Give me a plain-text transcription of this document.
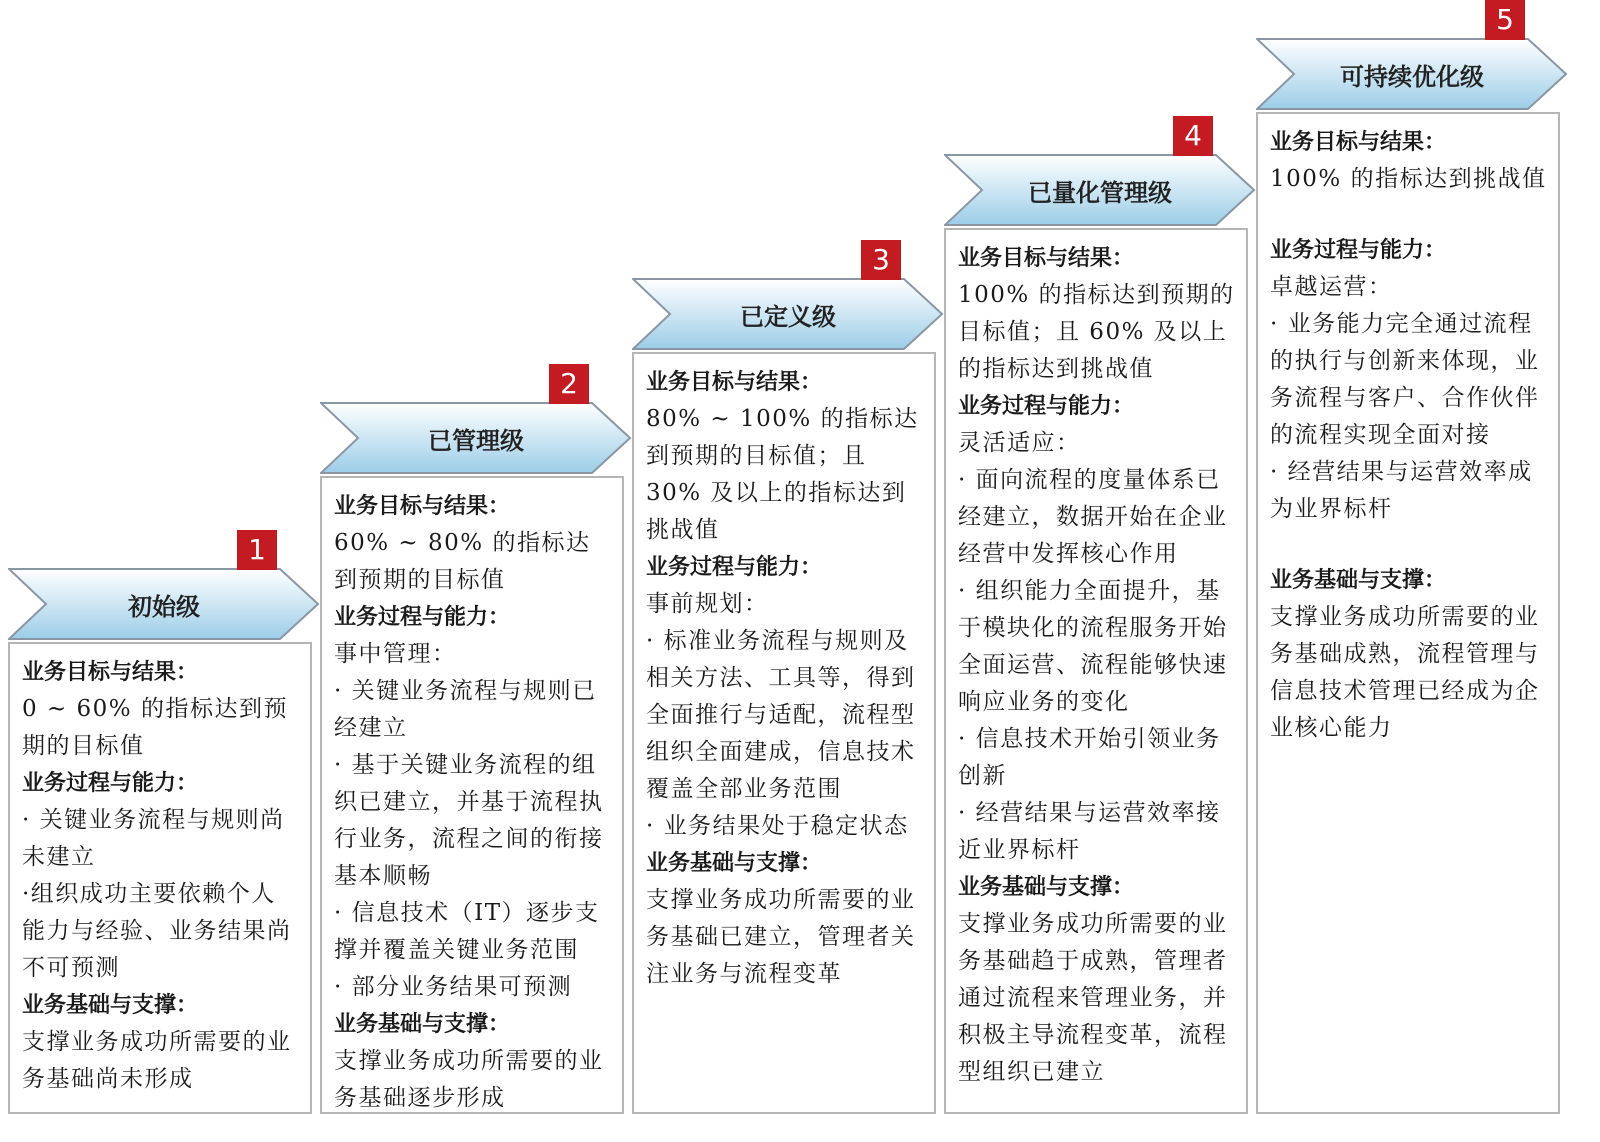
初始级
1

业务目标与结果：

0 ~ 60% 的指标达到预期的目标值

业务过程与能力：

· 关键业务流程与规则尚未建立

·组织成功主要依赖个人能力与经验、业务结果尚不可预测

业务基础与支撑：

支撑业务成功所需要的业务基础尚未形成

已管理级
2

业务目标与结果：

60% ~ 80% 的指标达到预期的目标值

业务过程与能力：

事中管理：

· 关键业务流程与规则已经建立

· 基于关键业务流程的组织已建立，并基于流程执行业务，流程之间的衔接基本顺畅

· 信息技术（IT）逐步支撑并覆盖关键业务范围

· 部分业务结果可预测

业务基础与支撑：

支撑业务成功所需要的业务基础逐步形成

已定义级
3

业务目标与结果：

80% ~ 100% 的指标达到预期的目标值；且 30% 及以上的指标达到挑战值

业务过程与能力：

事前规划：

· 标准业务流程与规则及相关方法、工具等，得到全面推行与适配，流程型组织全面建成，信息技术覆盖全部业务范围

· 业务结果处于稳定状态

业务基础与支撑：

支撑业务成功所需要的业务基础已建立，管理者关注业务与流程变革

已量化管理级
4

业务目标与结果：

100% 的指标达到预期的目标值；且 60% 及以上的指标达到挑战值

业务过程与能力：

灵活适应：

· 面向流程的度量体系已经建立，数据开始在企业经营中发挥核心作用

· 组织能力全面提升，基于模块化的流程服务开始全面运营、流程能够快速响应业务的变化

· 信息技术开始引领业务创新

· 经营结果与运营效率接近业界标杆

业务基础与支撑：

支撑业务成功所需要的业务基础趋于成熟，管理者通过流程来管理业务，并积极主导流程变革，流程型组织已建立

可持续优化级
5

业务目标与结果：

100% 的指标达到挑战值

业务过程与能力：

卓越运营：

· 业务能力完全通过流程的执行与创新来体现，业务流程与客户、合作伙伴的流程实现全面对接

· 经营结果与运营效率成为业界标杆

业务基础与支撑：

支撑业务成功所需要的业务基础成熟，流程管理与信息技术管理已经成为企业核心能力
